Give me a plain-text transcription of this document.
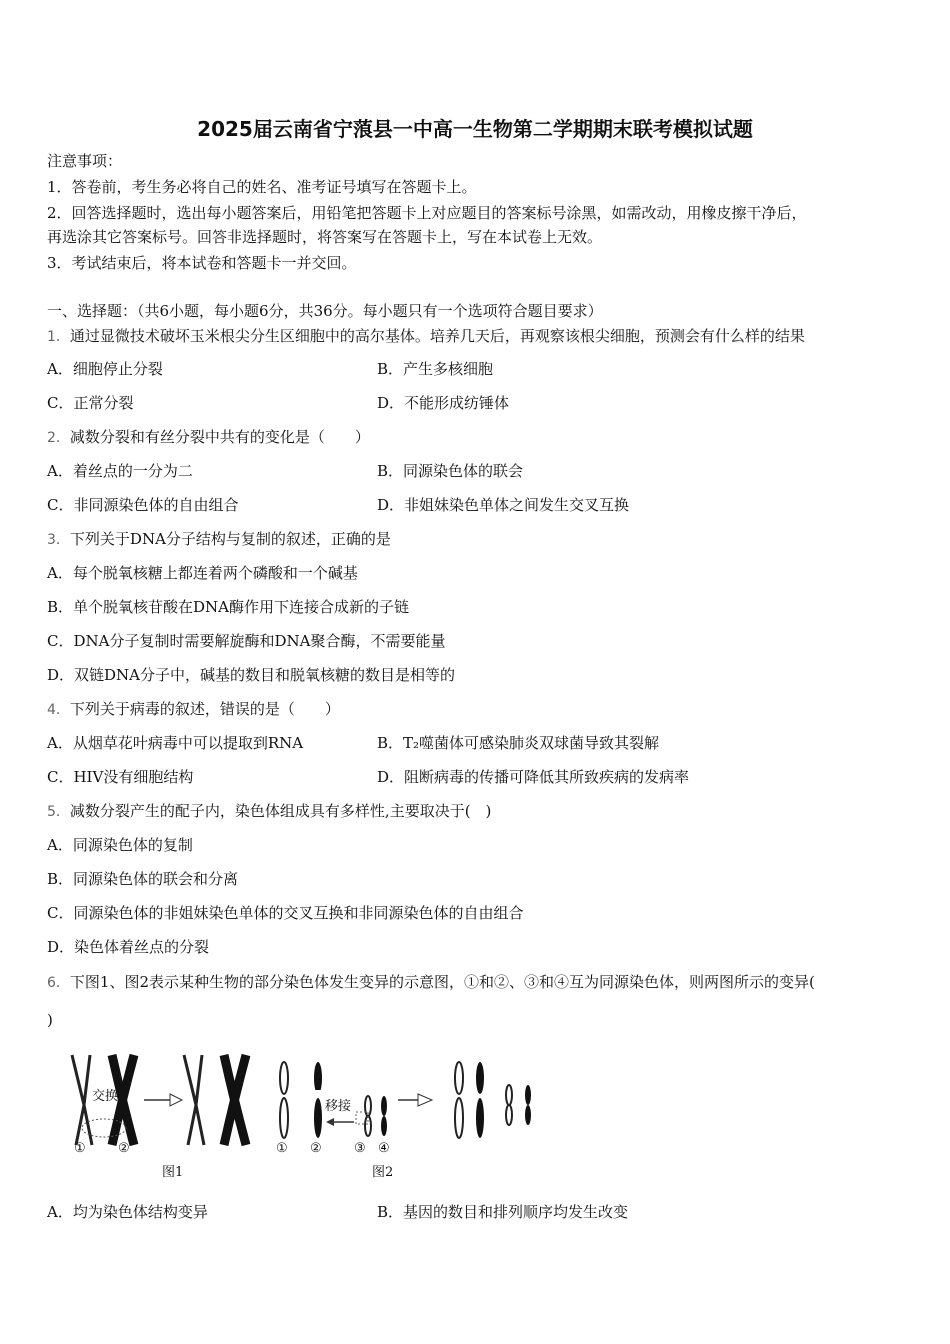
2025届云南省宁蒗县一中高一生物第二学期期末联考模拟试题
注意事项：
1．答卷前，考生务必将自己的姓名、准考证号填写在答题卡上。
2．回答选择题时，选出每小题答案后，用铅笔把答题卡上对应题目的答案标号涂黑，如需改动，用橡皮擦干净后，
再选涂其它答案标号。回答非选择题时，将答案写在答题卡上，写在本试卷上无效。
3．考试结束后，将本试卷和答题卡一并交回。
一、选择题：（共6小题，每小题6分，共36分。每小题只有一个选项符合题目要求）
1．通过显微技术破坏玉米根尖分生区细胞中的高尔基体。培养几天后，再观察该根尖细胞，预测会有什么样的结果
A．细胞停止分裂	B．产生多核细胞
C．正常分裂	D．不能形成纺锤体
2．减数分裂和有丝分裂中共有的变化是（　　）
A．着丝点的一分为二	B．同源染色体的联会
C．非同源染色体的自由组合	D．非姐妹染色单体之间发生交叉互换
3．下列关于DNA分子结构与复制的叙述，正确的是
A．每个脱氧核糖上都连着两个磷酸和一个碱基
B．单个脱氧核苷酸在DNA酶作用下连接合成新的子链
C．DNA分子复制时需要解旋酶和DNA聚合酶，不需要能量
D．双链DNA分子中，碱基的数目和脱氧核糖的数目是相等的
4．下列关于病毒的叙述，错误的是（　　）
A．从烟草花叶病毒中可以提取到RNA	B．T₂噬菌体可感染肺炎双球菌导致其裂解
C．HIV没有细胞结构	D．阻断病毒的传播可降低其所致疾病的发病率
5．减数分裂产生的配子内，染色体组成具有多样性,主要取决于(　)
A．同源染色体的复制
B．同源染色体的联会和分离
C．同源染色体的非姐妹染色单体的交叉互换和非同源染色体的自由组合
D．染色体着丝点的分裂
6．下图1、图2表示某种生物的部分染色体发生变异的示意图，①和②、③和④互为同源染色体，则两图所示的变异(
)
交换
① ②
图1
移接
① ② ③ ④
图2
A．均为染色体结构变异	B．基因的数目和排列顺序均发生改变
